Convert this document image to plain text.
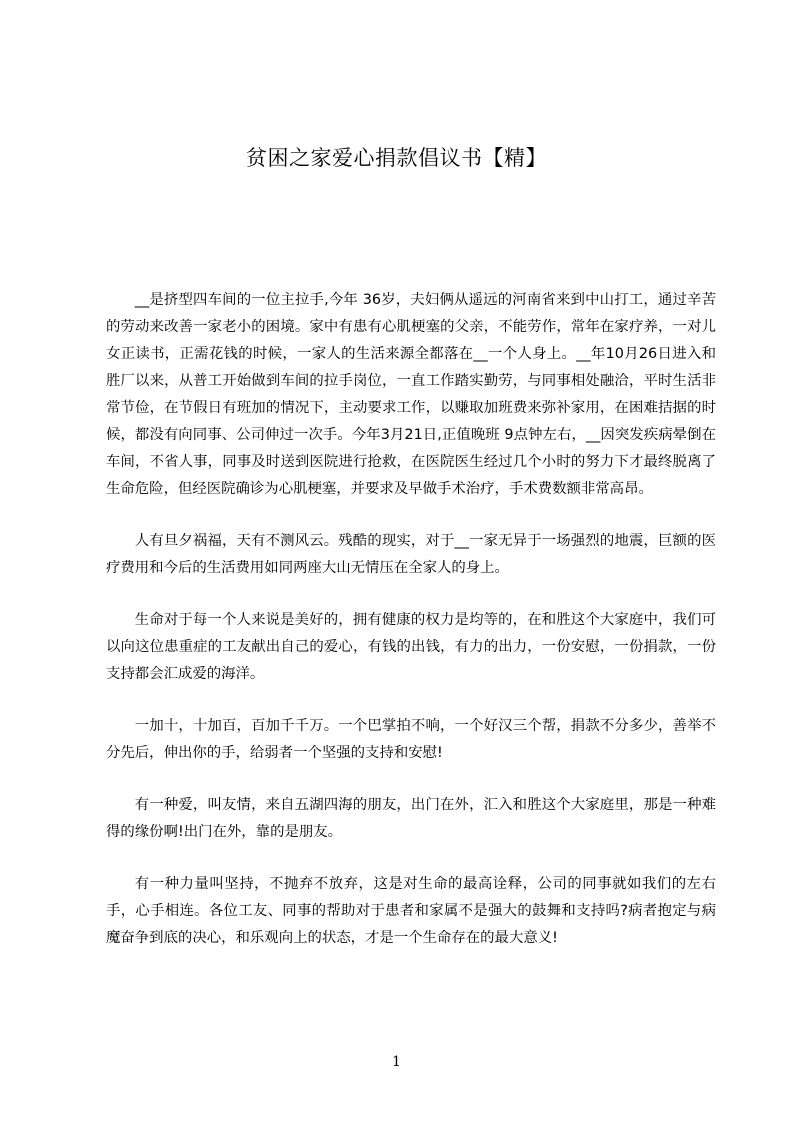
贫困之家爱心捐款倡议书【精】

__是挤型四车间的一位主拉手,今年 36岁，夫妇俩从遥远的河南省来到中山打工，通过辛苦的劳动来改善一家老小的困境。家中有患有心肌梗塞的父亲，不能劳作，常年在家疗养，一对儿女正读书，正需花钱的时候，一家人的生活来源全都落在__一个人身上。__年10月26日进入和胜厂以来，从普工开始做到车间的拉手岗位，一直工作踏实勤劳，与同事相处融洽，平时生活非常节俭，在节假日有班加的情况下，主动要求工作，以赚取加班费来弥补家用，在困难拮据的时候，都没有向同事、公司伸过一次手。今年3月21日,正值晚班 9点钟左右，__因突发疾病晕倒在车间，不省人事，同事及时送到医院进行抢救，在医院医生经过几个小时的努力下才最终脱离了生命危险，但经医院确诊为心肌梗塞，并要求及早做手术治疗，手术费数额非常高昂。

人有旦夕祸福，天有不测风云。残酷的现实，对于__一家无异于一场强烈的地震，巨额的医疗费用和今后的生活费用如同两座大山无情压在全家人的身上。

生命对于每一个人来说是美好的，拥有健康的权力是均等的，在和胜这个大家庭中，我们可以向这位患重症的工友献出自己的爱心，有钱的出钱，有力的出力，一份安慰，一份捐款，一份支持都会汇成爱的海洋。

一加十，十加百，百加千千万。一个巴掌拍不响，一个好汉三个帮，捐款不分多少，善举不分先后，伸出你的手，给弱者一个坚强的支持和安慰!

有一种爱，叫友情，来自五湖四海的朋友，出门在外，汇入和胜这个大家庭里，那是一种难得的缘份啊!出门在外，靠的是朋友。

有一种力量叫坚持，不抛弃不放弃，这是对生命的最高诠释，公司的同事就如我们的左右手，心手相连。各位工友、同事的帮助对于患者和家属不是强大的鼓舞和支持吗?病者抱定与病魔奋争到底的决心，和乐观向上的状态，才是一个生命存在的最大意义!

1
